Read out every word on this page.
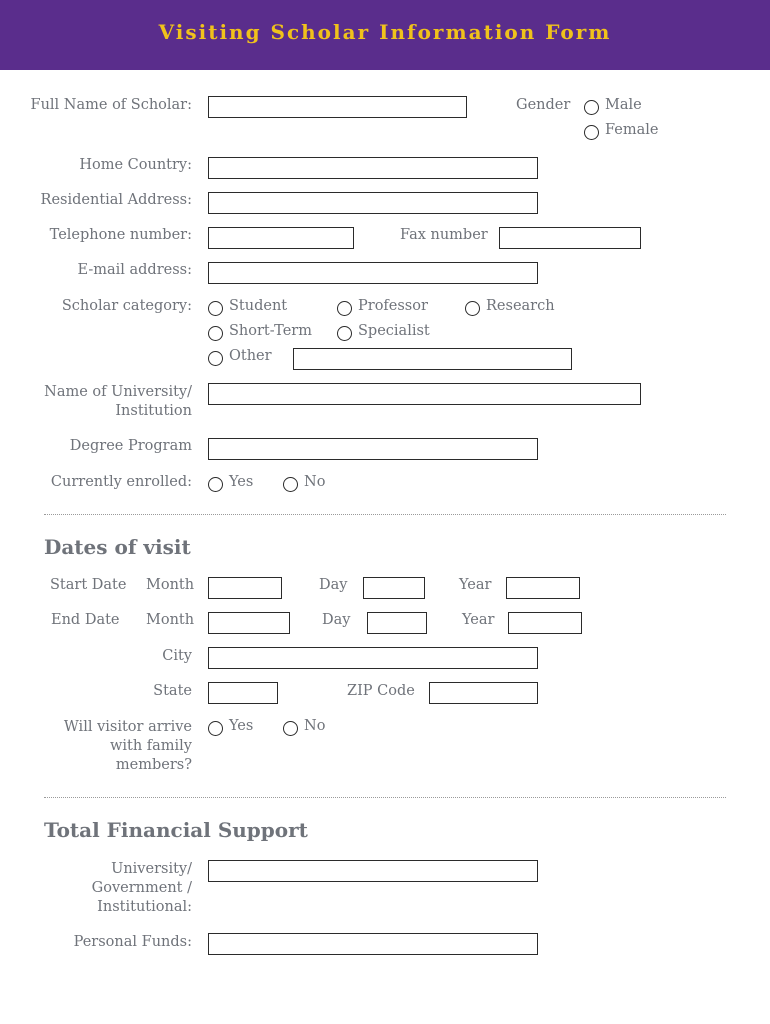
Visiting Scholar Information Form
Full Name of Scholar:	Gender Male
Female
Home Country:
Residential Address:
Telephone number:	Fax number
E-mail address:
Scholar category:	Student	Professor	Research
Short-Term	Specialist
Other
Name of University/ Institution
Degree Program
Currently enrolled:	Yes	No
Dates of visit
Start Date Month	Day	Year
End Date Month	Day	Year
City
State	ZIP Code
Will visitor arrive with family members?
Yes	No
Total Financial Support
University/ Government / Institutional:
Personal Funds:
